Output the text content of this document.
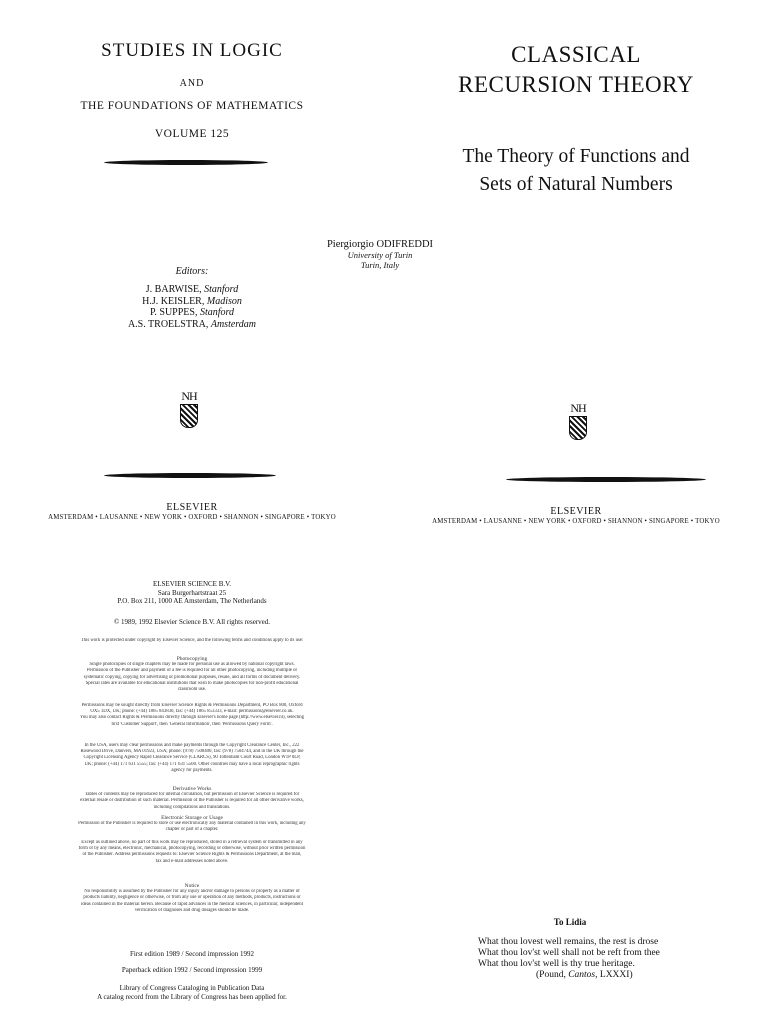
STUDIES IN LOGIC
AND
THE FOUNDATIONS OF MATHEMATICS
VOLUME 125
Editors:
J. BARWISE, Stanford
H.J. KEISLER, Madison
P. SUPPES, Stanford
A.S. TROELSTRA, Amsterdam
NH
ELSEVIER
AMSTERDAM • LAUSANNE • NEW YORK • OXFORD • SHANNON • SINGAPORE • TOKYO
ELSEVIER SCIENCE B.V.
Sara Burgerhartstraat 25
P.O. Box 211, 1000 AE Amsterdam, The Netherlands
© 1989, 1992 Elsevier Science B.V. All rights reserved.
This work is protected under copyright by Elsevier Science, and the following terms and conditions apply to its use:
Photocopying
Single photocopies of single chapters may be made for personal use as allowed by national copyright laws.
Permission of the Publisher and payment of a fee is required for all other photocopying, including multiple or
systematic copying, copying for advertising or promotional purposes, resale, and all forms of document delivery.
Special rates are available for educational institutions that wish to make photocopies for non-profit educational
classroom use.
Permissions may be sought directly from Elsevier Science Rights & Permissions Department, PO Box 800, Oxford
OX5 1DX, UK; phone: (+44) 1865 843830, fax: (+44) 1865 853333, e-mail: permissions@elsevier.co.uk.
You may also contact Rights & Permissions directly through Elsevier's home page (http://www.elsevier.nl), selecting
first 'Customer Support', then 'General Information', then 'Permissions Query Form'.
In the USA, users may clear permissions and make payments through the Copyright Clearance Center, Inc., 222
Rosewood Drive, Danvers, MA 01923, USA; phone: (978) 7508400, fax: (978) 7504744, and in the UK through the
Copyright Licensing Agency Rapid Clearance Service (CLARCS), 90 Tottenham Court Road, London W1P 0LP,
UK; phone: (+44) 171 631 5555; fax: (+44) 171 631 5500. Other countries may have a local reprographic rights
agency for payments.
Derivative Works
Tables of contents may be reproduced for internal circulation, but permission of Elsevier Science is required for
external resale or distribution of such material. Permission of the Publisher is required for all other derivative works,
including compilations and translations.
Electronic Storage or Usage
Permission of the Publisher is required to store or use electronically any material contained in this work, including any
chapter or part of a chapter.
Except as outlined above, no part of this work may be reproduced, stored in a retrieval system or transmitted in any
form or by any means, electronic, mechanical, photocopying, recording or otherwise, without prior written permission
of the Publisher. Address permissions requests to: Elsevier Science Rights & Permissions Department, at the mail,
fax and e-mail addresses noted above.
Notice
No responsibility is assumed by the Publisher for any injury and/or damage to persons or property as a matter of
products liability, negligence or otherwise, or from any use or operation of any methods, products, instructions or
ideas contained in the material herein. Because of rapid advances in the medical sciences, in particular, independent
verification of diagnoses and drug dosages should be made.
First edition 1989 / Second impression 1992
Paperback edition 1992 / Second impression 1999
Library of Congress Cataloging in Publication Data
A catalog record from the Library of Congress has been applied for.
CLASSICAL
RECURSION THEORY
The Theory of Functions and
Sets of Natural Numbers
NH
ELSEVIER
AMSTERDAM • LAUSANNE • NEW YORK • OXFORD • SHANNON • SINGAPORE • TOKYO
Piergiorgio ODIFREDDI
University of Turin
Turin, Italy
To Lidia
What thou lovest well remains, the rest is drose
What thou lov'st well shall not be reft from thee
What thou lov'st well is thy true heritage.
(Pound, Cantos, LXXXI)
